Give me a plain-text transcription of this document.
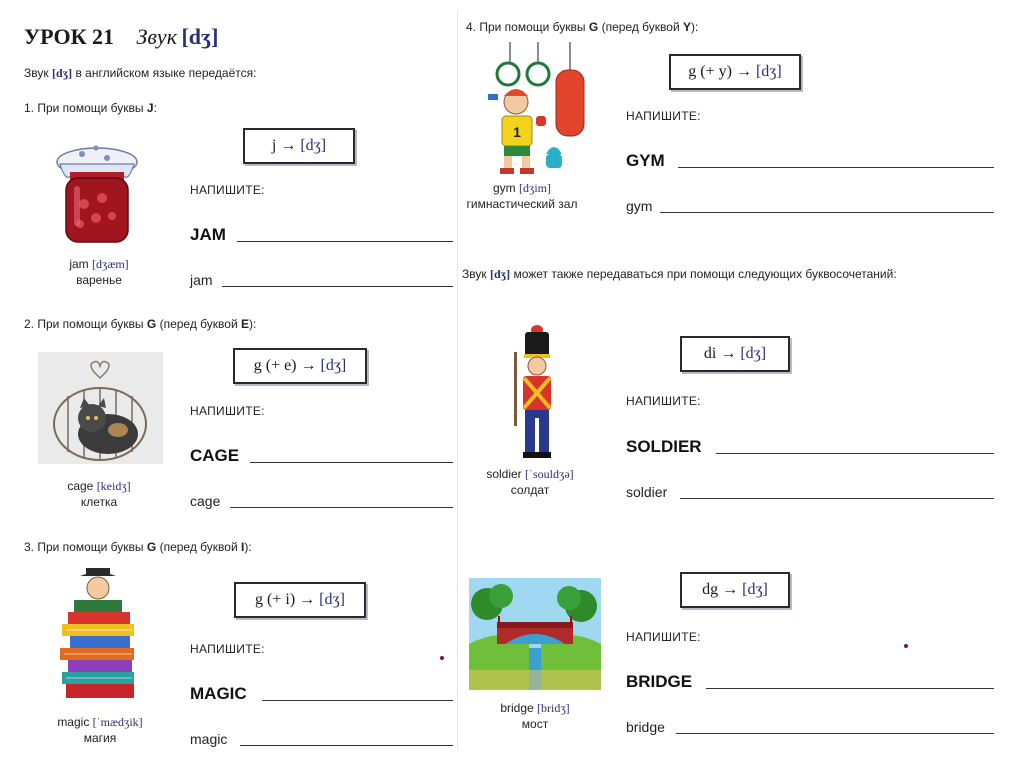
УРОК 21 Звук [dʒ]
Звук [dʒ] в английском языке передаётся:
1. При помощи буквы J:
j →
[dʒ]
jam [dʒæm]
варенье
НАПИШИТЕ:
JAM
jam
2. При помощи буквы G (перед буквой E):
g (+ e) →
[dʒ]
cage [keidʒ]
клетка
НАПИШИТЕ:
CAGE
cage
3. При помощи буквы G (перед буквой I):
g (+ i) →
[dʒ]
magic [ˈmædʒik]
магия
НАПИШИТЕ:
MAGIC
magic
4. При помощи буквы G (перед буквой Y):
g (+ y) →
[dʒ]
1
gym [dʒim]
гимнастический зал
НАПИШИТЕ:
GYM
gym
Звук [dʒ] может также передаваться при помощи следующих буквосочетаний:
di →
[dʒ]
soldier [ˈsouldʒə]
солдат
НАПИШИТЕ:
SOLDIER
soldier
dg →
[dʒ]
bridge [bridʒ]
мост
НАПИШИТЕ:
BRIDGE
bridge
